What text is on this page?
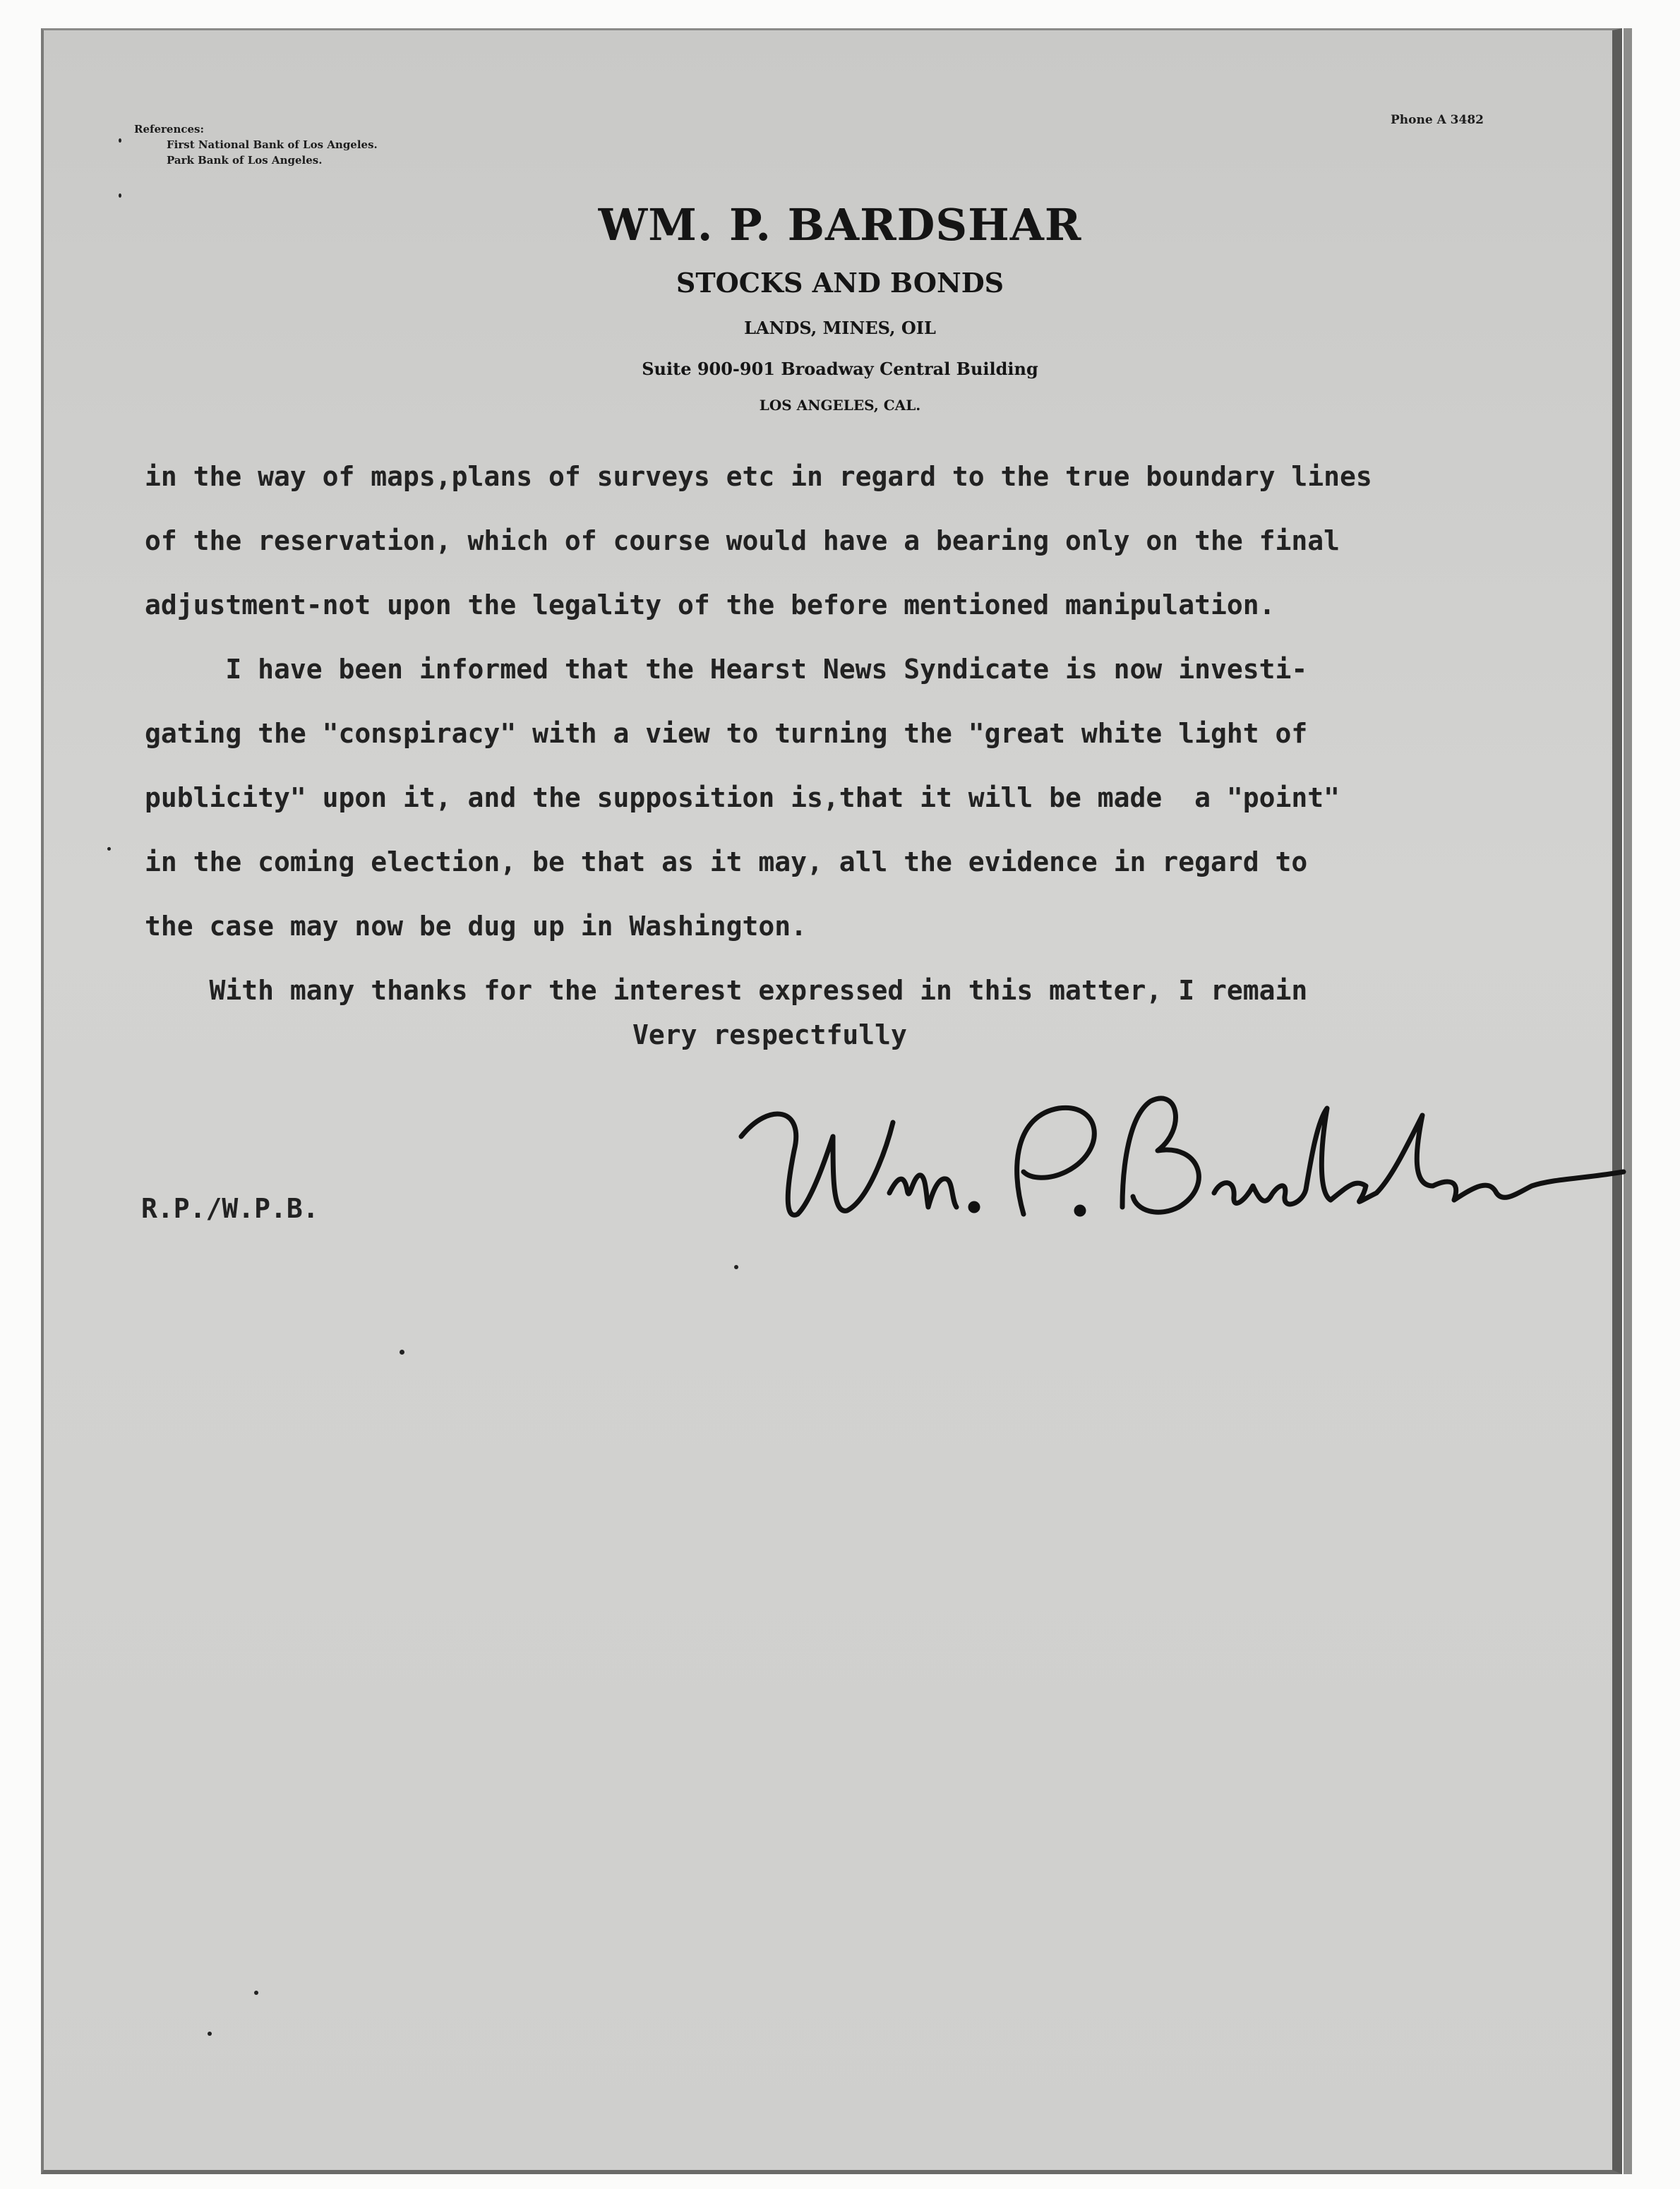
References:
First National Bank of Los Angeles.
Park Bank of Los Angeles.
Phone A 3482
WM. P. BARDSHAR
STOCKS AND BONDS
LANDS, MINES, OIL
Suite 900-901 Broadway Central Building
LOS ANGELES, CAL.
in the way of maps,plans of surveys etc in regard to the true boundary lines
of the reservation, which of course would have a bearing only on the final
adjustment-not upon the legality of the before mentioned manipulation.
I have been informed that the Hearst News Syndicate is now investi-
gating the "conspiracy" with a view to turning the "great white light of
publicity" upon it, and the supposition is,that it will be made  a "point"
in the coming election, be that as it may, all the evidence in regard to
the case may now be dug up in Washington.
With many thanks for the interest expressed in this matter, I remain
Very respectfully
R.P./W.P.B.
